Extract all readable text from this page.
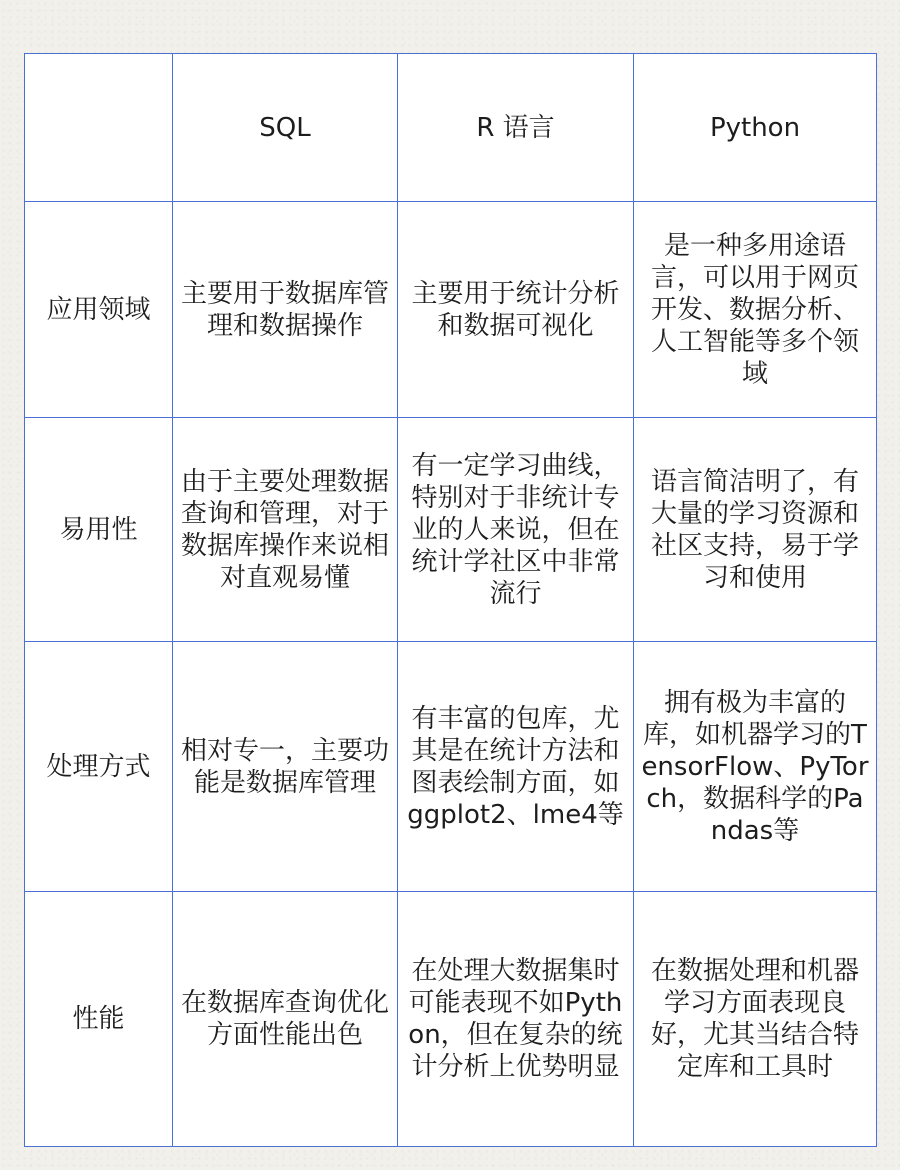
	SQL	R 语言	Python
应用领域	主要用于数据库管理和数据操作	主要用于统计分析和数据可视化	是一种多用途语言，可以用于网页开发、数据分析、人工智能等多个领域
易用性	由于主要处理数据查询和管理，对于数据库操作来说相对直观易懂	有一定学习曲线，特别对于非统计专业的人来说，但在统计学社区中非常流行	语言简洁明了，有大量的学习资源和社区支持，易于学习和使用
处理方式	相对专一，主要功能是数据库管理	有丰富的包库，尤其是在统计方法和图表绘制方面，如ggplot2、lme4等	拥有极为丰富的库，如机器学习的TensorFlow、PyTorch，数据科学的Pandas等
性能	在数据库查询优化方面性能出色	在处理大数据集时可能表现不如Python，但在复杂的统计分析上优势明显	在数据处理和机器学习方面表现良好，尤其当结合特定库和工具时
